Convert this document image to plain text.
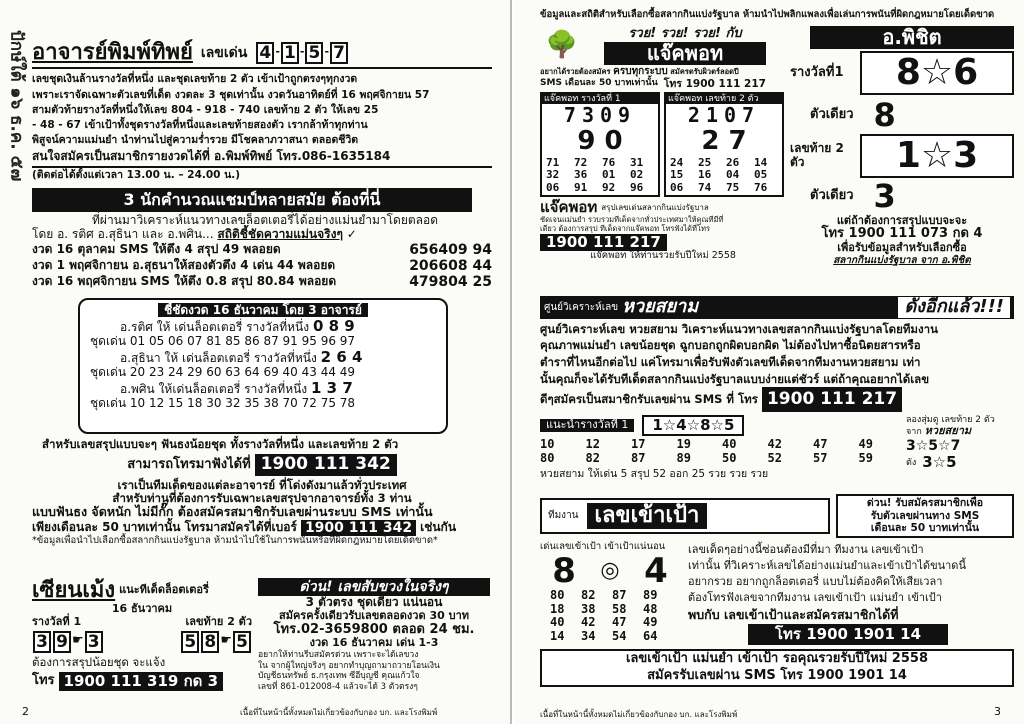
ปักษ์ใต้ ๑๖ ธ.ค. ๕๗ อาจารย์พิมพ์ทิพย์ เลขเด่น 4 - 1 - 5 - 7
เลขชุดเงินล้านรางวัลที่หนึ่ง และชุดเลขท้าย 2 ตัว เข้าเป้าถูกตรงๆทุกงวด
เพราะเราจัดเฉพาะตัวเลขที่เด็ด งวดละ 3 ชุดเท่านั้น งวดวันอาทิตย์ที่ 16 พฤศจิกายน 57
สามตัวท้ายรางวัลที่หนึ่งให้เลข 804 - 918 - 740 เลขท้าย 2 ตัว ให้เลข 25
- 48 - 67 เข้าเป้าทั้งชุดรางวัลที่หนึ่งและเลขท้ายสองตัว เรากล้าท้าทุกท่าน
พิสูจน์ความแม่นยำ นำท่านไปสู่ความร่ำรวย มีโชคลาภวาสนา ตลอดชีวิต
สนใจสมัครเป็นสมาชิกรายงวดได้ที่ อ.พิมพ์ทิพย์ โทร.086-1635184
(ติดต่อได้ตั้งแต่เวลา 13.00 น. – 24.00 น.)
3 นักคำนวณแชมป์หลายสมัย ต้องที่นี่
ที่ผ่านมาวิเคราะห์แนวทางเลขล็อตเตอรี่ได้อย่างแม่นยำมาโดยตลอด
โดย อ. รติศ อ.สุธินา และ อ.พศิน... สถิติชี้ชัดความแม่นจริงๆ ✓
งวด 16 ตุลาคม SMS ให้ตึง 4 สรุป 49 พลอยด	656409 94
งวด 1 พฤศจิกายน อ.สุธนาให้สองตัวตึง 4 เด่น 44 พลอยด	206608 44
งวด 16 พฤศจิกายน SMS ให้ตึง 0.8 สรุป 80.84 พลอยด	479804 25
ชี้ชัดงวด 16 ธันวาคม โดย 3 อาจารย์
อ.รติศ ให้ เด่นล็อตเตอรี่ รางวัลที่หนึ่ง 0 8 9
ชุดเด่น 01 05 06 07 81 85 86 87 91 95 96 97
อ.สุธินา ให้ เด่นล็อตเตอรี่ รางวัลที่หนึ่ง 2 6 4
ชุดเด่น 20 23 24 29 60 63 64 69 40 43 44 49
อ.พศิน ให้เด่นล็อตเตอรี่ รางวัลที่หนึ่ง 1 3 7
ชุดเด่น 10 12 15 18 30 32 35 38 70 72 75 78
สำหรับเลขสรุปแบบจะๆ ฟันธงน้อยชุด ทั้งรางวัลที่หนึ่ง และเลขท้าย 2 ตัว
สามารถโทรมาฟังได้ที่ 1900 111 342
เราเป็นทีมเด็ดของแต่ละอาจารย์ ที่โด่งดังมาแล้วทั่วประเทศ
สำหรับท่านที่ต้องการรับเฉพาะเลขสรุปจากอาจารย์ทั้ง 3 ท่าน
แบบฟันธง จัดหนัก ไม่มีกั๊ก ต้องสมัครสมาชิกรับเลขผ่านระบบ SMS เท่านั้น
เพียงเดือนละ 50 บาทเท่านั้น โทรมาสมัครได้ที่เบอร์ 1900 111 342 เช่นกัน
*ข้อมูลเพื่อนำไปเลือกซื้อสลากกินแบ่งรัฐบาล ห้ามนำไปใช้ในการพนันหรือที่ผิดกฎหมายโดยเด็ดขาด*
เซียนเม้ง แนะทีเด็ดล็อตเตอรี่
16 ธันวาคม
รางวัลที่ 1	เลขท้าย 2 ตัว
3 9 ☛ 3	5 8 ☛ 5
ต้องการสรุปน้อยชุด จะแจ้ง
โทร 1900 111 319 กด 3
ด่วน! เลขสับขวงในจริงๆ
3 ตัวตรง ชุดเดียว แน่นอน
สมัครครั้งเดียวรับเลขตลอดงวด 30 บาท
โทร.02-3659800 ตลอด 24 ชม.
งวด 16 ธันวาคม เด่น 1-3
อยากให้ท่านรีบสมัครด่วน เพราะจะได้เลขวง
ใน จากผู้ใหญ่จริงๆ อยากทำบุญถามาถวายโอนเงิน
บัญชีธนทรัพย์ ธ.กรุงเทพ ซีอีบุญชี คุณแก้วใจ
เลขที่ 861-012008-4 แล้วจะได้ 3 ตัวตรงๆ
2	เนื้อที่ในหน้านี้ทั้งหมดไม่เกี่ยวข้องกับกอง บก. และโรงพิมพ์
ข้อมูลและสถิติสำหรับเลือกซื้อสลากกินแบ่งรัฐบาล ห้ามนำไปพลิกแพลงเพื่อเล่นการพนันที่ผิดกฎหมายโดยเด็ดขาด
🌳	รวย! รวย! รวย! กับ
แจ๊คพอท
อยากได้รวยต้องสมัคร ครบทุกระบบ สมัครตรับผิวตร์ลอดปี
SMS เดือนละ 50 บาทเท่านั้น โทร 1900 111 217
แจ๊คพอท รางวัลที่ 1
7309
9 0
71	72	76	31
32	36	01	02
06	91	92	96
แจ๊คพอท เลขท้าย 2 ตัว
2107
2 7
24	25	26	14
15	16	04	05
06	74	75	76
แจ๊คพอท สรุปเลขเด่นสลากกินแบ่งรัฐบาล
ชัดเจนแม่นยำ รวบรวมทีเด็ดจากทั่วประเทศมาให้คุณทีมีที่
เดียว ต้องการสรุป ทีเด็ดจากแจ๊คพอท โทรฟังได้ที่โทร
1900 111 217
แจ๊คพอท ให้ท่านรวยรับปีใหม่ 2558
อ.พิชิต
รางวัลที่1	8☆6
ตัวเดียว 8
เลขท้าย 2 ตัว	1☆3
ตัวเดียว 3
แต่ถ้าต้องการสรุปแบบจะจะ
โทร 1900 111 073 กด 4
เพื่อรับข้อมูลสำหรับเลือกซื้อ
สลากกินแบ่งรัฐบาล จาก อ.พิชิต
ศูนย์วิเคราะห์เลข หวยสยาม	ดังอีกแล้ว!!!
ศูนย์วิเคราะห์เลข หวยสยาม วิเคราะห์แนวทางเลขสลากกินแบ่งรัฐบาลโดยทีมงาน
คุณภาพแม่นยำ เลขน้อยชุด ฉูกบอกถูกผิดบอกผิด ไม่ต้องไปหาซื้อนิตยสารหรือ
ตำราที่ไหนอีกต่อไป แค่โทรมาเพื่อรับฟังตัวเลขทีเด็ดจากทีมงานหวยสยาม เท่า
นั้นคุณก็จะได้รับทีเด็ดสลากกินแบ่งรัฐบาลแบบง่ายแต่ชัวร์ แต่ถ้าคุณอยากได้เลข
ดีๆสมัครเป็นสมาชิกรับเลขผ่าน SMS ที่ โทร 1900 111 217
แนะนำรางวัลที่ 1	1☆4☆8☆5
10	12	17	19	40	42	47	49
80	82	87	89	50	52	57	59
หวยสยาม ให้เด่น 5 สรุป 52 ออก 25 รวย รวย รวย
ลองสุ่มดู เลขท้าย 2 ตัว
จาก หวยสยาม
3☆5☆7
ตัง 3☆5
ทีมงาน เลขเข้าเป้า
ด่วน! รับสมัครสมาชิกเพื่อ
รับตัวเลขผ่านทาง SMS
เดือนละ 50 บาทเท่านั้น
เด่นเลขเข้าเป้า เข้าเป้าแน่นอน
8 ◎ 4
80	82	87	89
18	38	58	48
40	42	47	49
14	34	54	64
เลขเด็ดๆอย่างนี้ซ่อนต้องมีที่มา ทีมงาน เลขเข้าเป้า
เท่านั้น ที่วิเคราะห์เลขได้อย่างแม่นยำและเข้าเป้าได้ขนาดนี้
อยากรวย อยากถูกล็อตเตอรี่ แบบไม่ต้องคิดให้เสียเวลา
ต้องโทรฟังเลขจากทีมงาน เลขเข้าเป้า แม่นยำ เข้าเป้า
พบกับ เลขเข้าเป้าและสมัครสมาชิกได้ที่
โทร 1900 1901 14
เลขเข้าเป้า แม่นยำ เข้าเป้า รอคุณรวยรับปีใหม่ 2558
สมัครรับเลขผ่าน SMS โทร 1900 1901 14
เนื้อที่ในหน้านี้ทั้งหมดไม่เกี่ยวข้องกับกอง บก. และโรงพิมพ์	3
